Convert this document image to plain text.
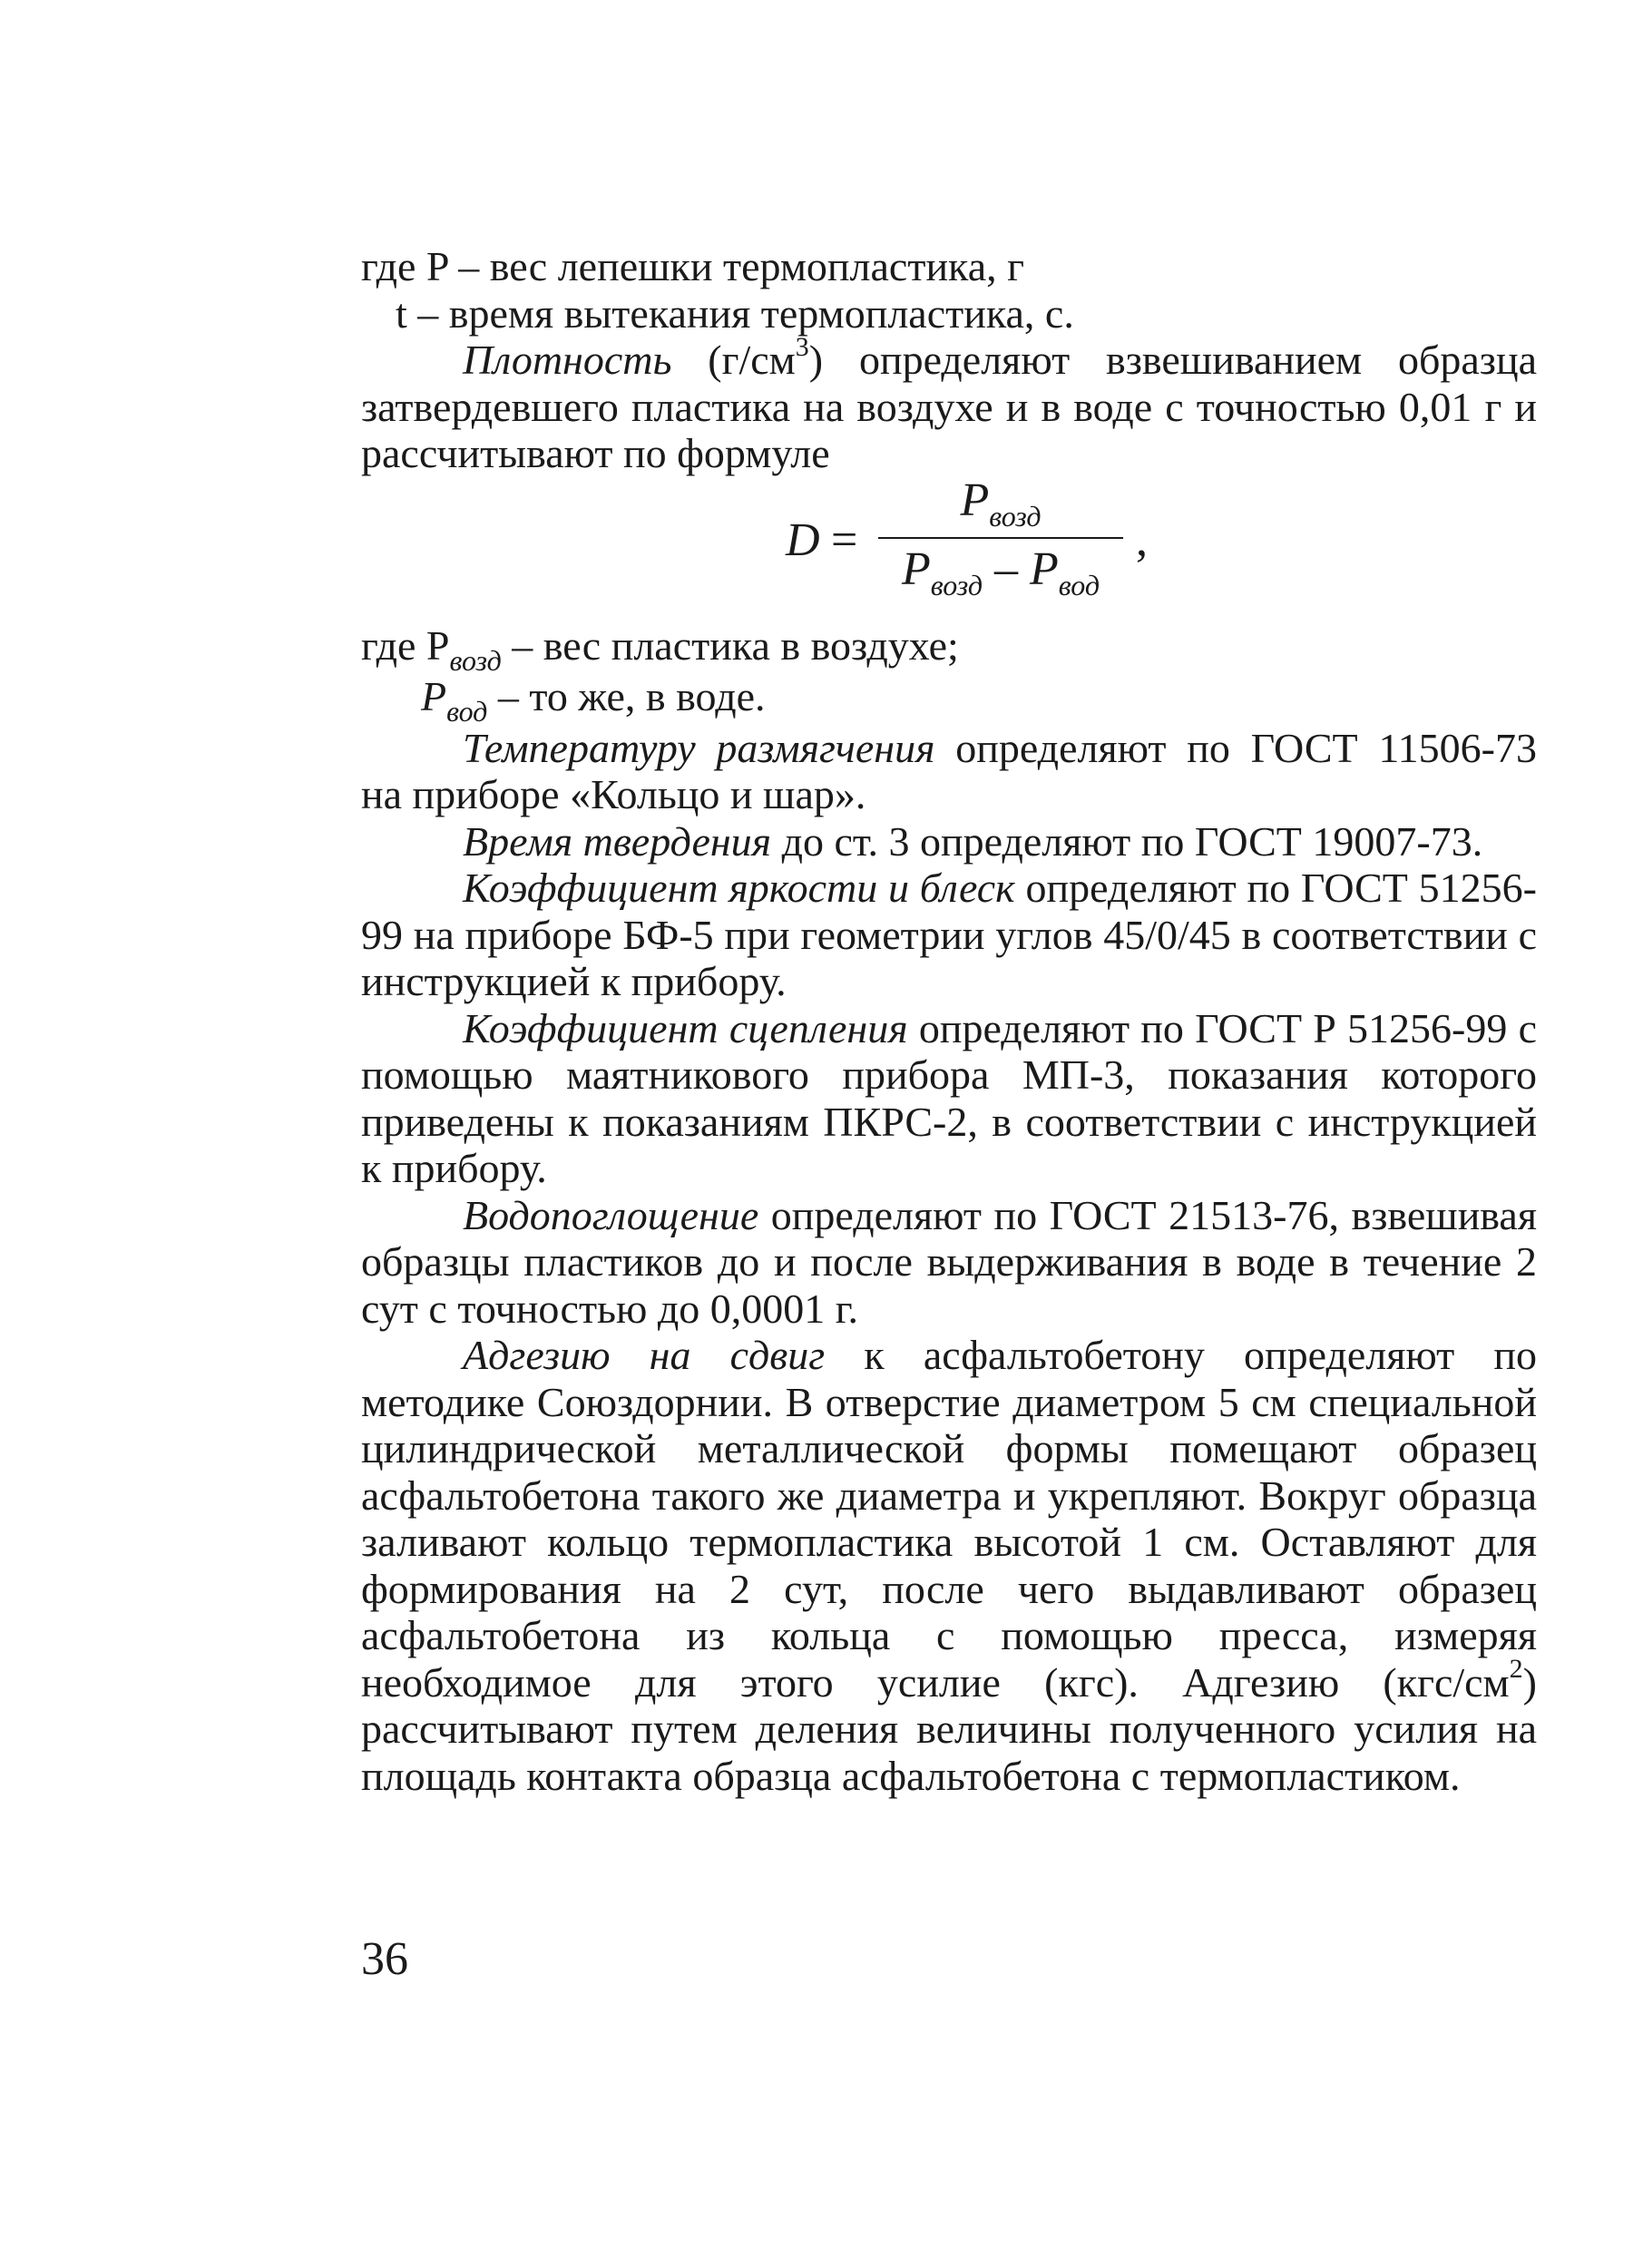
где P – вес лепешки термопластика, г

t – время вытекания термопластика, с.

Плотность $(г/см^3)$ определяют взвешиванием образца затвердевшего пластика на воздухе и в воде с точностью 0,01 г и рассчитывают по формуле

D =
$P_{возд}$
$P_{возд} - P_{вод}$
,

где $P_{возд}$ – вес пластика в воздухе;

$P_{вод}$ – то же, в воде.

Температуру размягчения определяют по ГОСТ 11506-73 на приборе «Кольцо и шар».

Время твердения до ст. 3 определяют по ГОСТ 19007-73.

Коэффициент яркости и блеск определяют по ГОСТ 51256-99 на приборе БФ-5 при геометрии углов 45/0/45 в соответствии с инструкцией к прибору.

Коэффициент сцепления определяют по ГОСТ Р 51256-99 с помощью маятникового прибора МП-3, показания которого приведены к показаниям ПКРС-2, в соответствии с инструкцией к прибору.

Водопоглощение определяют по ГОСТ 21513-76, взвешивая образцы пластиков до и после выдерживания в воде в течение 2 сут с точностью до 0,0001 г.

Адгезию на сдвиг к асфальтобетону определяют по методике Союздорнии. В отверстие диаметром 5 см специальной цилиндрической металлической формы помещают образец асфальтобетона такого же диаметра и укрепляют. Вокруг образца заливают кольцо термопластика высотой 1 см. Оставляют для формирования на 2 сут, после чего выдавливают образец асфальтобетона из кольца с помощью пресса, измеряя необходимое для этого усилие (кгс). Адгезию $(кгс/см^2)$ рассчитывают путем деления величины полученного усилия на площадь контакта образца асфальтобетона с термопластиком.

36
